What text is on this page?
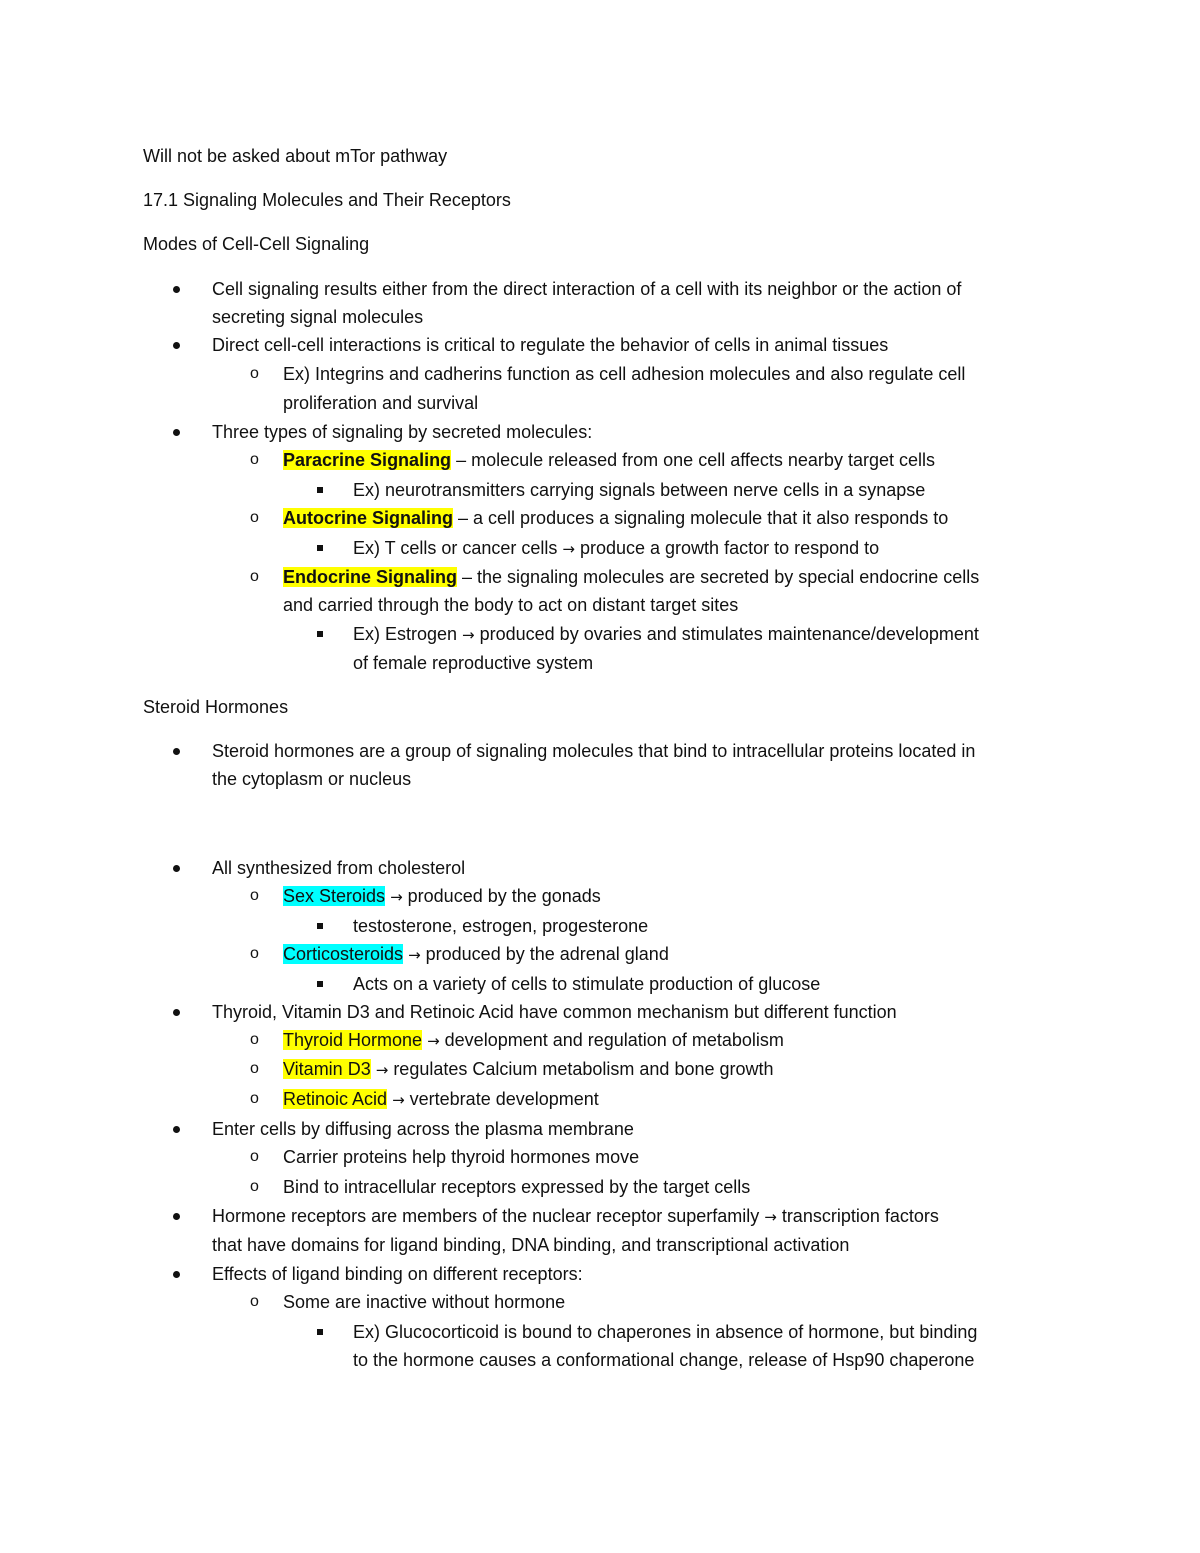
Will not be asked about mTor pathway
17.1 Signaling Molecules and Their Receptors
Modes of Cell-Cell Signaling
Cell signaling results either from the direct interaction of a cell with its neighbor or the action of
secreting signal molecules
Direct cell-cell interactions is critical to regulate the behavior of cells in animal tissues
o Ex) Integrins and cadherins function as cell adhesion molecules and also regulate cell
proliferation and survival
Three types of signaling by secreted molecules:
o Paracrine Signaling – molecule released from one cell affects nearby target cells
Ex) neurotransmitters carrying signals between nerve cells in a synapse
o Autocrine Signaling – a cell produces a signaling molecule that it also responds to
Ex) T cells or cancer cells → produce a growth factor to respond to
o Endocrine Signaling – the signaling molecules are secreted by special endocrine cells
and carried through the body to act on distant target sites
Ex) Estrogen → produced by ovaries and stimulates maintenance/development
of female reproductive system
Steroid Hormones
Steroid hormones are a group of signaling molecules that bind to intracellular proteins located in
the cytoplasm or nucleus
All synthesized from cholesterol
o Sex Steroids → produced by the gonads
testosterone, estrogen, progesterone
o Corticosteroids → produced by the adrenal gland
Acts on a variety of cells to stimulate production of glucose
Thyroid, Vitamin D3 and Retinoic Acid have common mechanism but different function
o Thyroid Hormone → development and regulation of metabolism
o Vitamin D3 → regulates Calcium metabolism and bone growth
o Retinoic Acid → vertebrate development
Enter cells by diffusing across the plasma membrane
o Carrier proteins help thyroid hormones move
o Bind to intracellular receptors expressed by the target cells
Hormone receptors are members of the nuclear receptor superfamily → transcription factors
that have domains for ligand binding, DNA binding, and transcriptional activation
Effects of ligand binding on different receptors:
o Some are inactive without hormone
Ex) Glucocorticoid is bound to chaperones in absence of hormone, but binding
to the hormone causes a conformational change, release of Hsp90 chaperone
